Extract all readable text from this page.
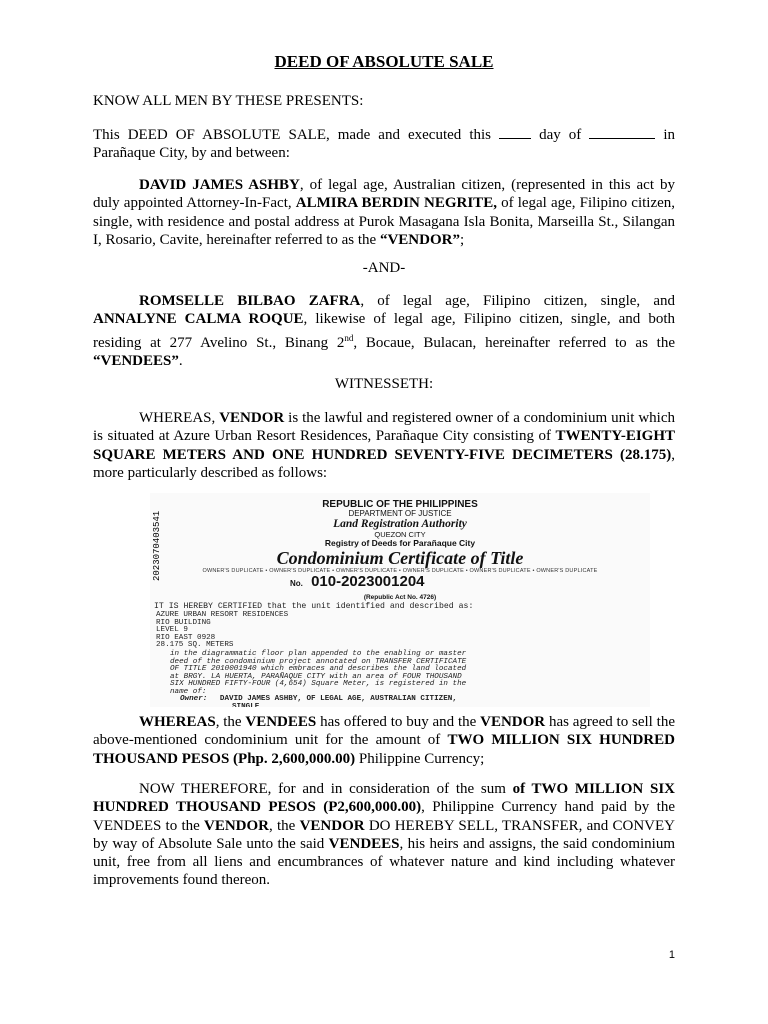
DEED OF ABSOLUTE SALE

KNOW ALL MEN BY THESE PRESENTS:

This DEED OF ABSOLUTE SALE, made and executed this	day of	in Parañaque City, by and between:

DAVID JAMES ASHBY, of legal age, Australian citizen, (represented in this act by duly appointed Attorney-In-Fact, ALMIRA BERDIN NEGRITE, of legal age, Filipino citizen, single, with residence and postal address at Purok Masagana Isla Bonita, Marseilla St., Silangan I, Rosario, Cavite, hereinafter referred to as the “VENDOR”;

-AND-

ROMSELLE BILBAO ZAFRA, of legal age, Filipino citizen, single, and ANNALYNE CALMA ROQUE, likewise of legal age, Filipino citizen, single, and both residing at 277 Avelino St., Binang 2nd, Bocaue, Bulacan, hereinafter referred to as the “VENDEES”.

WITNESSETH:

WHEREAS, VENDOR is the lawful and registered owner of a condominium unit which is situated at Azure Urban Resort Residences, Parañaque City consisting of TWENTY-EIGHT SQUARE METERS AND ONE HUNDRED SEVENTY-FIVE DECIMETERS (28.175), more particularly described as follows:

2023070403541
REPUBLIC OF THE PHILIPPINES
DEPARTMENT OF JUSTICE
Land Registration Authority
QUEZON CITY
Registry of Deeds for Parañaque City
Condominium Certificate of Title
OWNER'S DUPLICATE • OWNER'S DUPLICATE • OWNER'S DUPLICATE • OWNER'S DUPLICATE • OWNER'S DUPLICATE • OWNER'S DUPLICATE
No. 010-2023001204
(Republic Act No. 4726)
IT IS HEREBY CERTIFIED that the unit identified and described as:
AZURE URBAN RESORT RESIDENCES
RIO BUILDING
LEVEL 9
RIO EAST 0928
28.175 SQ. METERS
in the diagrammatic floor plan appended to the enabling or master
deed of the condominium project annotated on TRANSFER CERTIFICATE
OF TITLE 2010001940 which embraces and describes the land located
at BRGY. LA HUERTA, PARAÑAQUE CITY with an area of FOUR THOUSAND
SIX HUNDRED FIFTY-FOUR (4,654) Square Meter, is registered in the
name of:
Owner: DAVID JAMES ASHBY, OF LEGAL AGE, AUSTRALIAN CITIZEN,
SINGLE

WHEREAS, the VENDEES has offered to buy and the VENDOR has agreed to sell the above-mentioned condominium unit for the amount of TWO MILLION SIX HUNDRED THOUSAND PESOS (Php. 2,600,000.00) Philippine Currency;

NOW THEREFORE, for and in consideration of the sum of TWO MILLION SIX HUNDRED THOUSAND PESOS (P2,600,000.00), Philippine Currency hand paid by the VENDEES to the VENDOR, the VENDOR DO HEREBY SELL, TRANSFER, and CONVEY by way of Absolute Sale unto the said VENDEES, his heirs and assigns, the said condominium unit, free from all liens and encumbrances of whatever nature and kind including whatever improvements found thereon.

1
